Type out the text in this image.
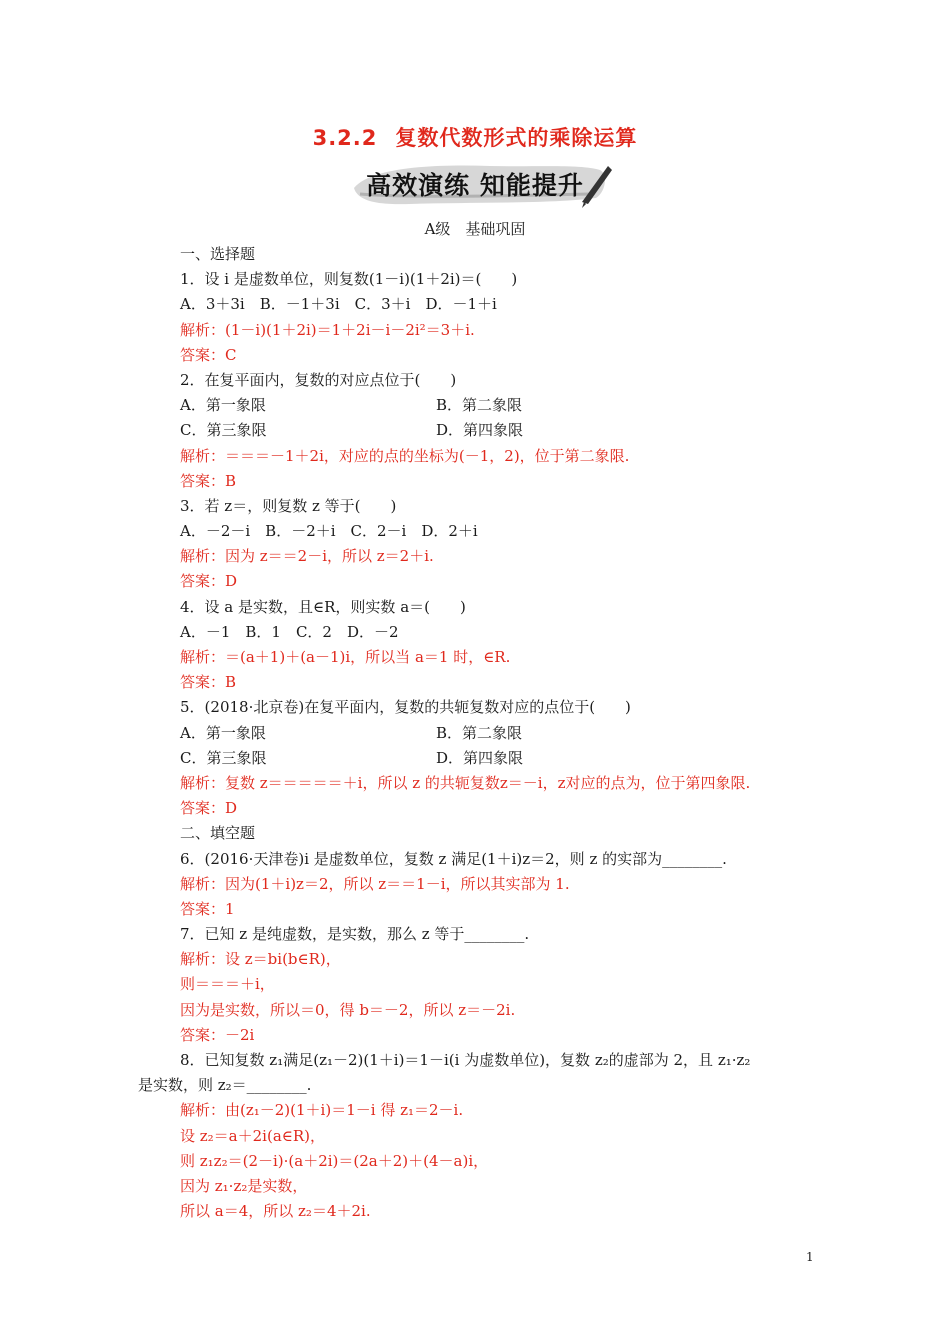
3.2.2 复数代数形式的乘除运算
高效演练 知能提升
A级　基础巩固
一、选择题
1．设 i 是虚数单位，则复数(1－i)(1＋2i)＝(　　)
A．3＋3i　B．－1＋3i　C．3＋i　D．－1＋i
解析：(1－i)(1＋2i)＝1＋2i－i－2i²＝3＋i.
答案：C
2．在复平面内，复数的对应点位于(　　)
A．第一象限	B．第二象限
C．第三象限	D．第四象限
解析：＝＝＝－1＋2i，对应的点的坐标为(－1，2)，位于第二象限.
答案：B
3．若 z＝，则复数 z 等于(　　)
A．－2－i　B．－2＋i　C．2－i　D．2＋i
解析：因为 z＝＝2－i，所以 z＝2＋i.
答案：D
4．设 a 是实数，且∈R，则实数 a＝(　　)
A．－1　B．1　C．2　D．－2
解析：＝(a＋1)＋(a－1)i，所以当 a＝1 时，∈R.
答案：B
5．(2018·北京卷)在复平面内，复数的共轭复数对应的点位于(　　)
A．第一象限	B．第二象限
C．第三象限	D．第四象限
解析：复数 z＝＝＝＝＝＋i，所以 z 的共轭复数z＝－i，z对应的点为，位于第四象限.
答案：D
二、填空题
6．(2016·天津卷)i 是虚数单位，复数 z 满足(1＋i)z＝2，则 z 的实部为________.
解析：因为(1＋i)z＝2，所以 z＝＝1－i，所以其实部为 1.
答案：1
7．已知 z 是纯虚数，是实数，那么 z 等于________.
解析：设 z＝bi(b∈R)，
则＝＝＝＋i，
因为是实数，所以＝0，得 b＝－2，所以 z＝－2i.
答案：－2i
8．已知复数 z₁满足(z₁－2)(1＋i)＝1－i(i 为虚数单位)，复数 z₂的虚部为 2，且 z₁·z₂
是实数，则 z₂＝________.
解析：由(z₁－2)(1＋i)＝1－i 得 z₁＝2－i.
设 z₂＝a＋2i(a∈R)，
则 z₁z₂＝(2－i)·(a＋2i)＝(2a＋2)＋(4－a)i，
因为 z₁·z₂是实数，
所以 a＝4，所以 z₂＝4＋2i.
1
